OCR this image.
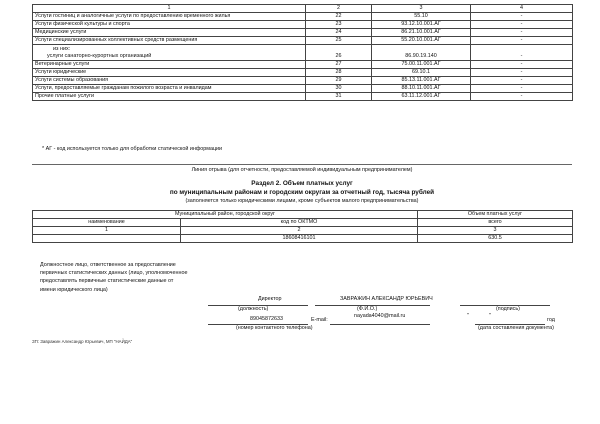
1	2	3	4
Услуги гостиниц и аналогичные услуги по предоставлению временного жилья	22	55.10	-
Услуги физической культуры и спорта	23	93.12.10.001.АГ	-
Медицинские услуги	24	86.21.10.001.АГ	-
Услуги специализированных коллективных средств размещения	25	55.20.10.001.АГ	-
из них:			
услуги санаторно-курортных организаций	26	86.90.19.140	-
Ветеринарные услуги	27	75.00.11.001.АГ	-
Услуги юридические	28	69.10.1	-
Услуги системы образования	29	85.13.11.001.АГ	-
Услуги, предоставляемые гражданам пожилого возраста и инвалидам	30	88.10.11.001.АГ	-
Прочие платные услуги	31	63.11.12.001.АГ	-
* АГ - код используется только для обработки статической информации
Линия отрыва (для отчетности, предоставляемой индивидуальным предпринимателем)
Раздел 2. Объем платных услуг
по муниципальным районам и городским округам за отчетный год, тысяча рублей
(заполняется только юридическими лицами, кроме субъектов малого предпринимательства)
Муниципальный район, городской округ		Объем платных услуг
наименование	код по ОКТМО	всего
1	2	3
	18608416101	630.5
Должностное лицо, ответственное за предоставление первичных статистических данных (лицо, уполномоченное предоставлять первичные статистические данные от имени юридического лица)
Директор
(должность)
ЗАВРАЖИН АЛЕКСАНДР ЮРЬЕВИЧ
(Ф.И.О.)	(подпись)
89045872633
(номер контактного телефона)
E-mail:
nayada4040@mail.ru	"	"
год
(дата составления документа)
ЗП: Завражин Александр Юрьевич, МП "НАЙДА"
